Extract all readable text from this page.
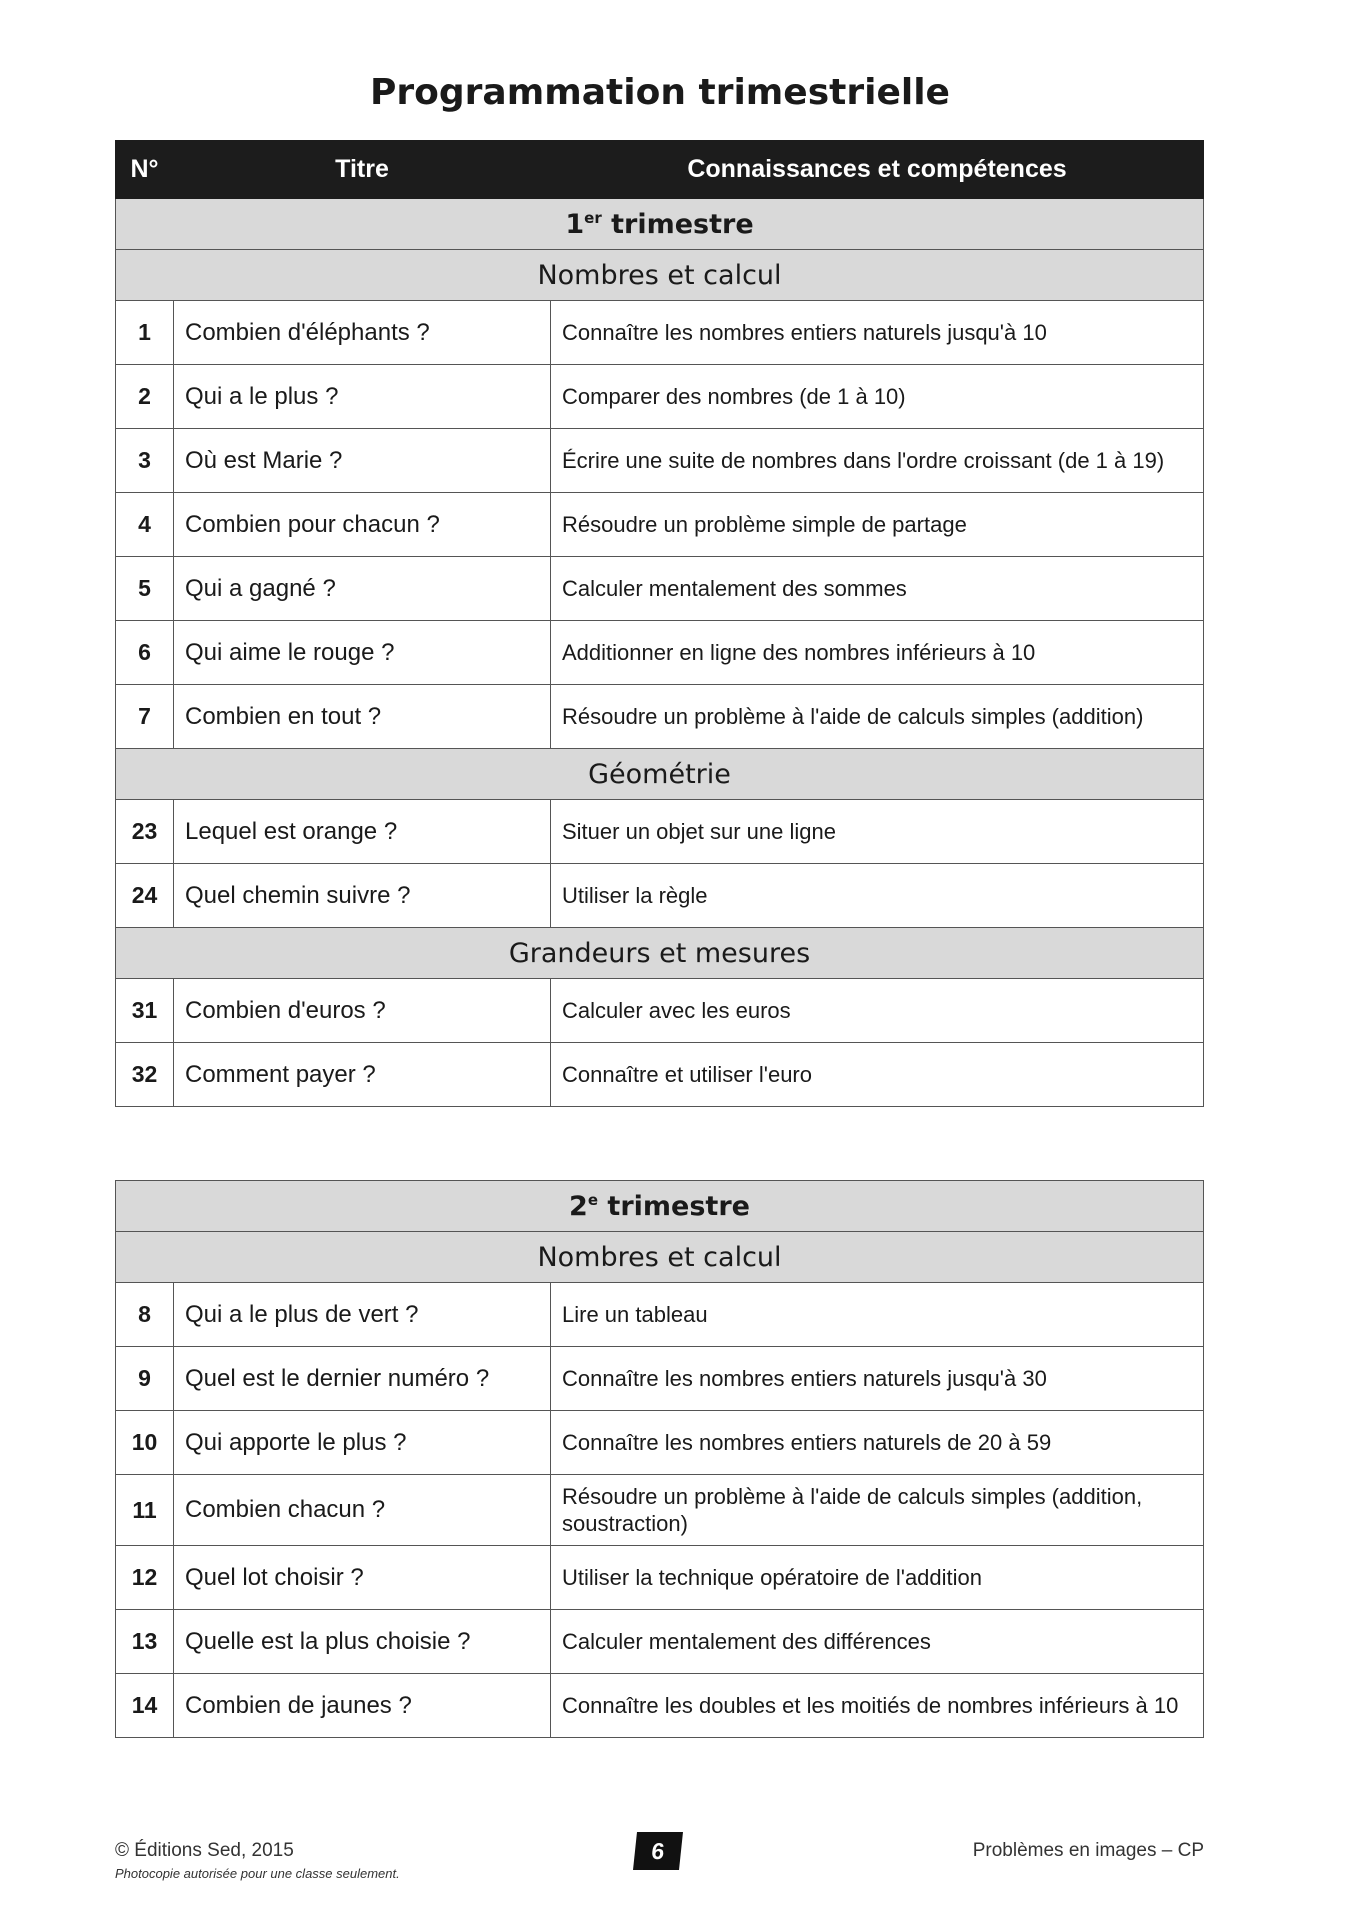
Programmation trimestrielle
N°	Titre	Connaissances et compétences
1er trimestre		
Nombres et calcul		
1	Combien d'éléphants ?	Connaître les nombres entiers naturels jusqu'à 10
2	Qui a le plus ?	Comparer des nombres (de 1 à 10)
3	Où est Marie ?	Écrire une suite de nombres dans l'ordre croissant (de 1 à 19)
4	Combien pour chacun ?	Résoudre un problème simple de partage
5	Qui a gagné ?	Calculer mentalement des sommes
6	Qui aime le rouge ?	Additionner en ligne des nombres inférieurs à 10
7	Combien en tout ?	Résoudre un problème à l'aide de calculs simples (addition)
Géométrie		
23	Lequel est orange ?	Situer un objet sur une ligne
24	Quel chemin suivre ?	Utiliser la règle
Grandeurs et mesures		
31	Combien d'euros ?	Calculer avec les euros
32	Comment payer ?	Connaître et utiliser l'euro
2e trimestre		
Nombres et calcul		
8	Qui a le plus de vert ?	Lire un tableau
9	Quel est le dernier numéro ?	Connaître les nombres entiers naturels jusqu'à 30
10	Qui apporte le plus ?	Connaître les nombres entiers naturels de 20 à 59
11	Combien chacun ?	Résoudre un problème à l'aide de calculs simples (addition, soustraction)
12	Quel lot choisir ?	Utiliser la technique opératoire de l'addition
13	Quelle est la plus choisie ?	Calculer mentalement des différences
14	Combien de jaunes ?	Connaître les doubles et les moitiés de nombres inférieurs à 10
© Éditions Sed, 2015
Photocopie autorisée pour une classe seulement.
6	Problèmes en images – CP
